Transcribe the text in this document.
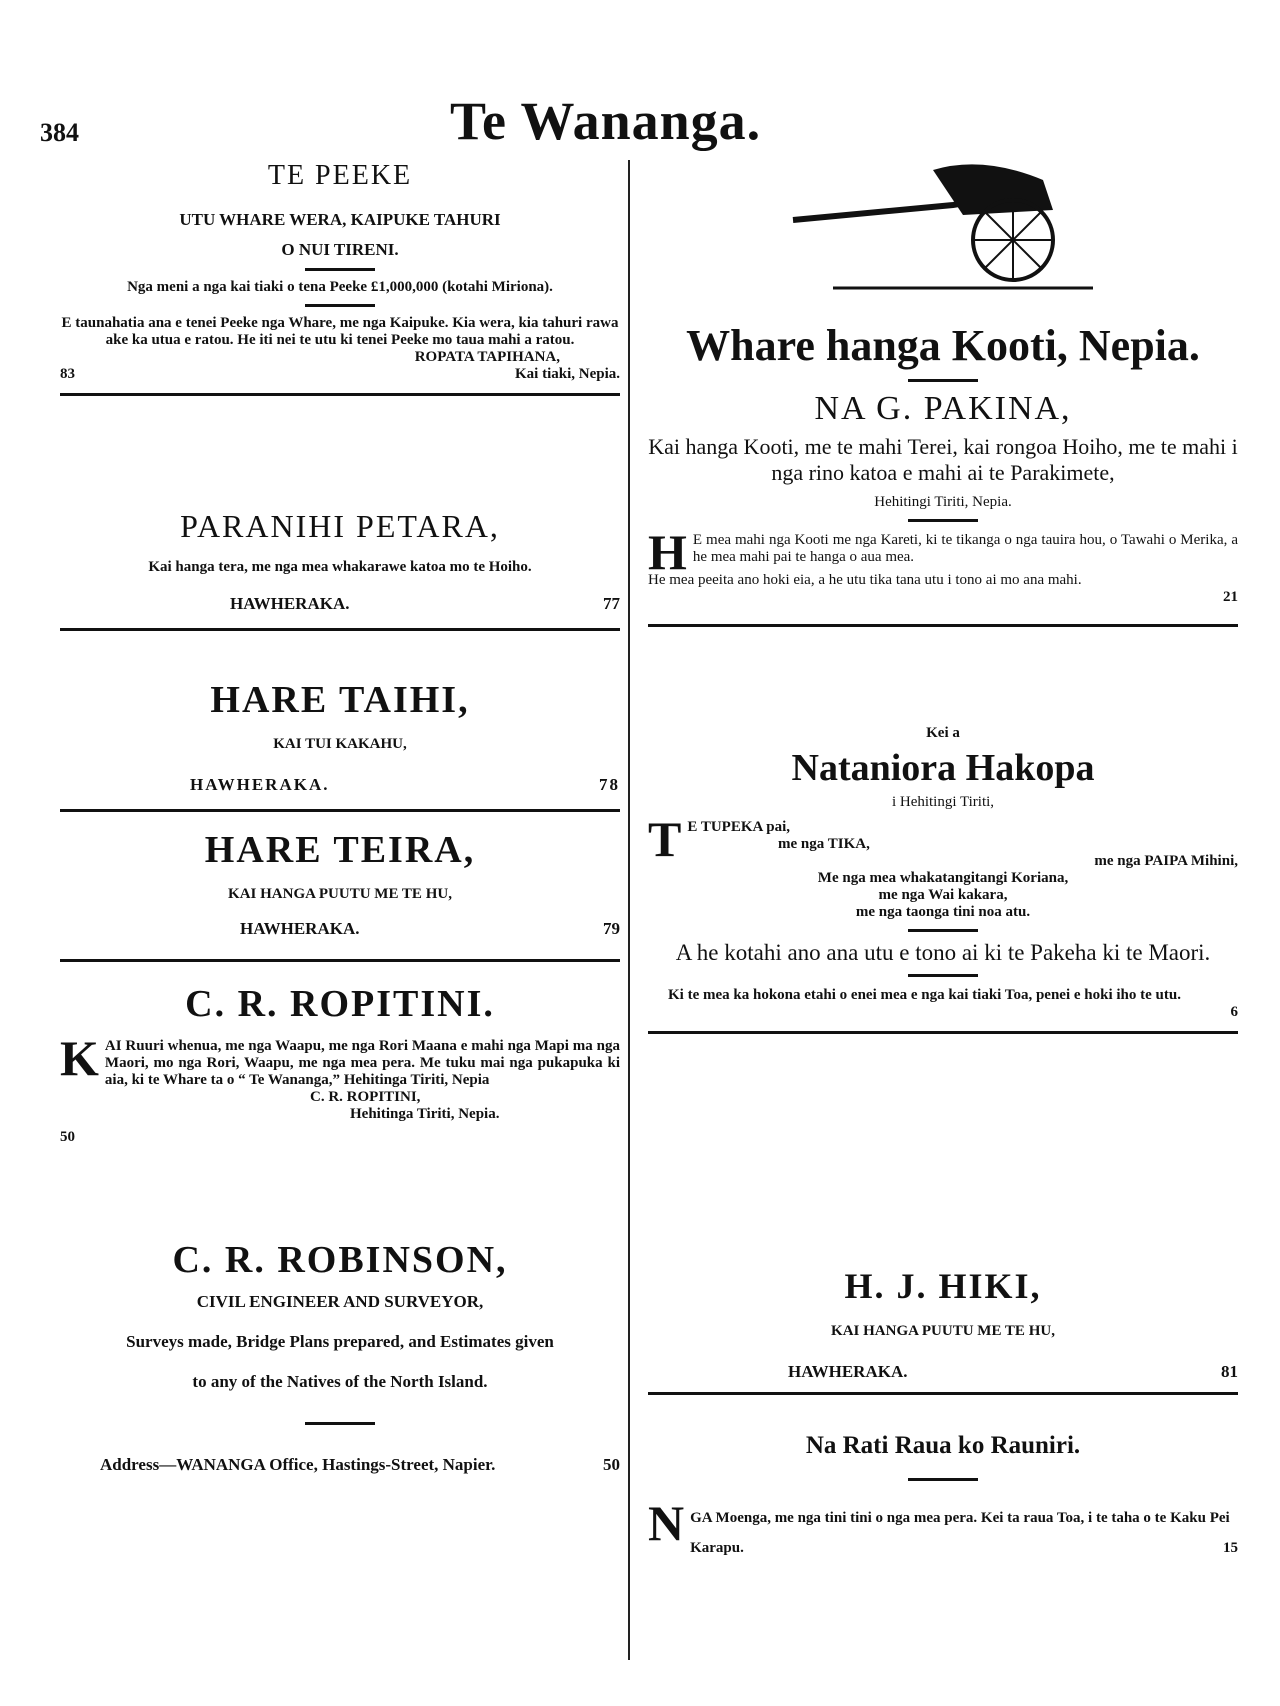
384	Te Wananga.
TE PEEKE
UTU WHARE WERA, KAIPUKE TAHURI
O NUI TIRENI.
Nga meni a nga kai tiaki o tena Peeke £1,000,000 (kotahi Miriona).
E taunahatia ana e tenei Peeke nga Whare, me nga Kaipuke. Kia wera, kia tahuri rawa ake ka utua e ratou. He iti nei te utu ki tenei Peeke mo taua mahi a ratou.
ROPATA TAPIHANA,
83	Kai tiaki, Nepia.
PARANIHI PETARA,
Kai hanga tera, me nga mea whakarawe katoa mo te Hoiho.
HAWHERAKA.	77
HARE TAIHI,
KAI TUI KAKAHU,
HAWHERAKA.	78
HARE TEIRA,
KAI HANGA PUUTU ME TE HU,
HAWHERAKA.	79
C. R. ROPITINI.
K AI Ruuri whenua, me nga Waapu, me nga Rori Maana e mahi nga Mapi ma nga Maori, mo nga Rori, Waapu, me nga mea pera. Me tuku mai nga pukapuka ki aia, ki te Whare ta o “ Te Wananga,” Hehitinga Tiriti, Nepia
C. R. ROPITINI,
Hehitinga Tiriti, Nepia.
50
C. R. ROBINSON,
CIVIL ENGINEER AND SURVEYOR,
Surveys made, Bridge Plans prepared, and Estimates given
to any of the Natives of the North Island.
Address—WANANGA Office, Hastings-Street, Napier.	50
Whare hanga Kooti, Nepia.
NA G. PAKINA,
Kai hanga Kooti, me te mahi Terei, kai rongoa Hoiho, me te mahi i nga rino katoa e mahi ai te Parakimete,
Hehitingi Tiriti, Nepia.
H E mea mahi nga Kooti me nga Kareti, ki te tikanga o nga tauira hou, o Tawahi o Merika, a he mea mahi pai te hanga o aua mea.
He mea peeita ano hoki eia, a he utu tika tana utu i tono ai mo ana mahi.
21
Kei a
Nataniora Hakopa
i Hehitingi Tiriti,
T E TUPEKA pai,
me nga TIKA,
me nga PAIPA Mihini,
Me nga mea whakatangitangi Koriana,
me nga Wai kakara,
me nga taonga tini noa atu.
A he kotahi ano ana utu e tono ai ki te Pakeha ki te Maori.
Ki te mea ka hokona etahi o enei mea e nga kai tiaki Toa, penei e hoki iho te utu.
6
H. J. HIKI,
KAI HANGA PUUTU ME TE HU,
HAWHERAKA.	81
Na Rati Raua ko Rauniri.
N GA Moenga, me nga tini tini o nga mea pera. Kei ta raua Toa, i te taha o te Kaku Pei Karapu.	15
